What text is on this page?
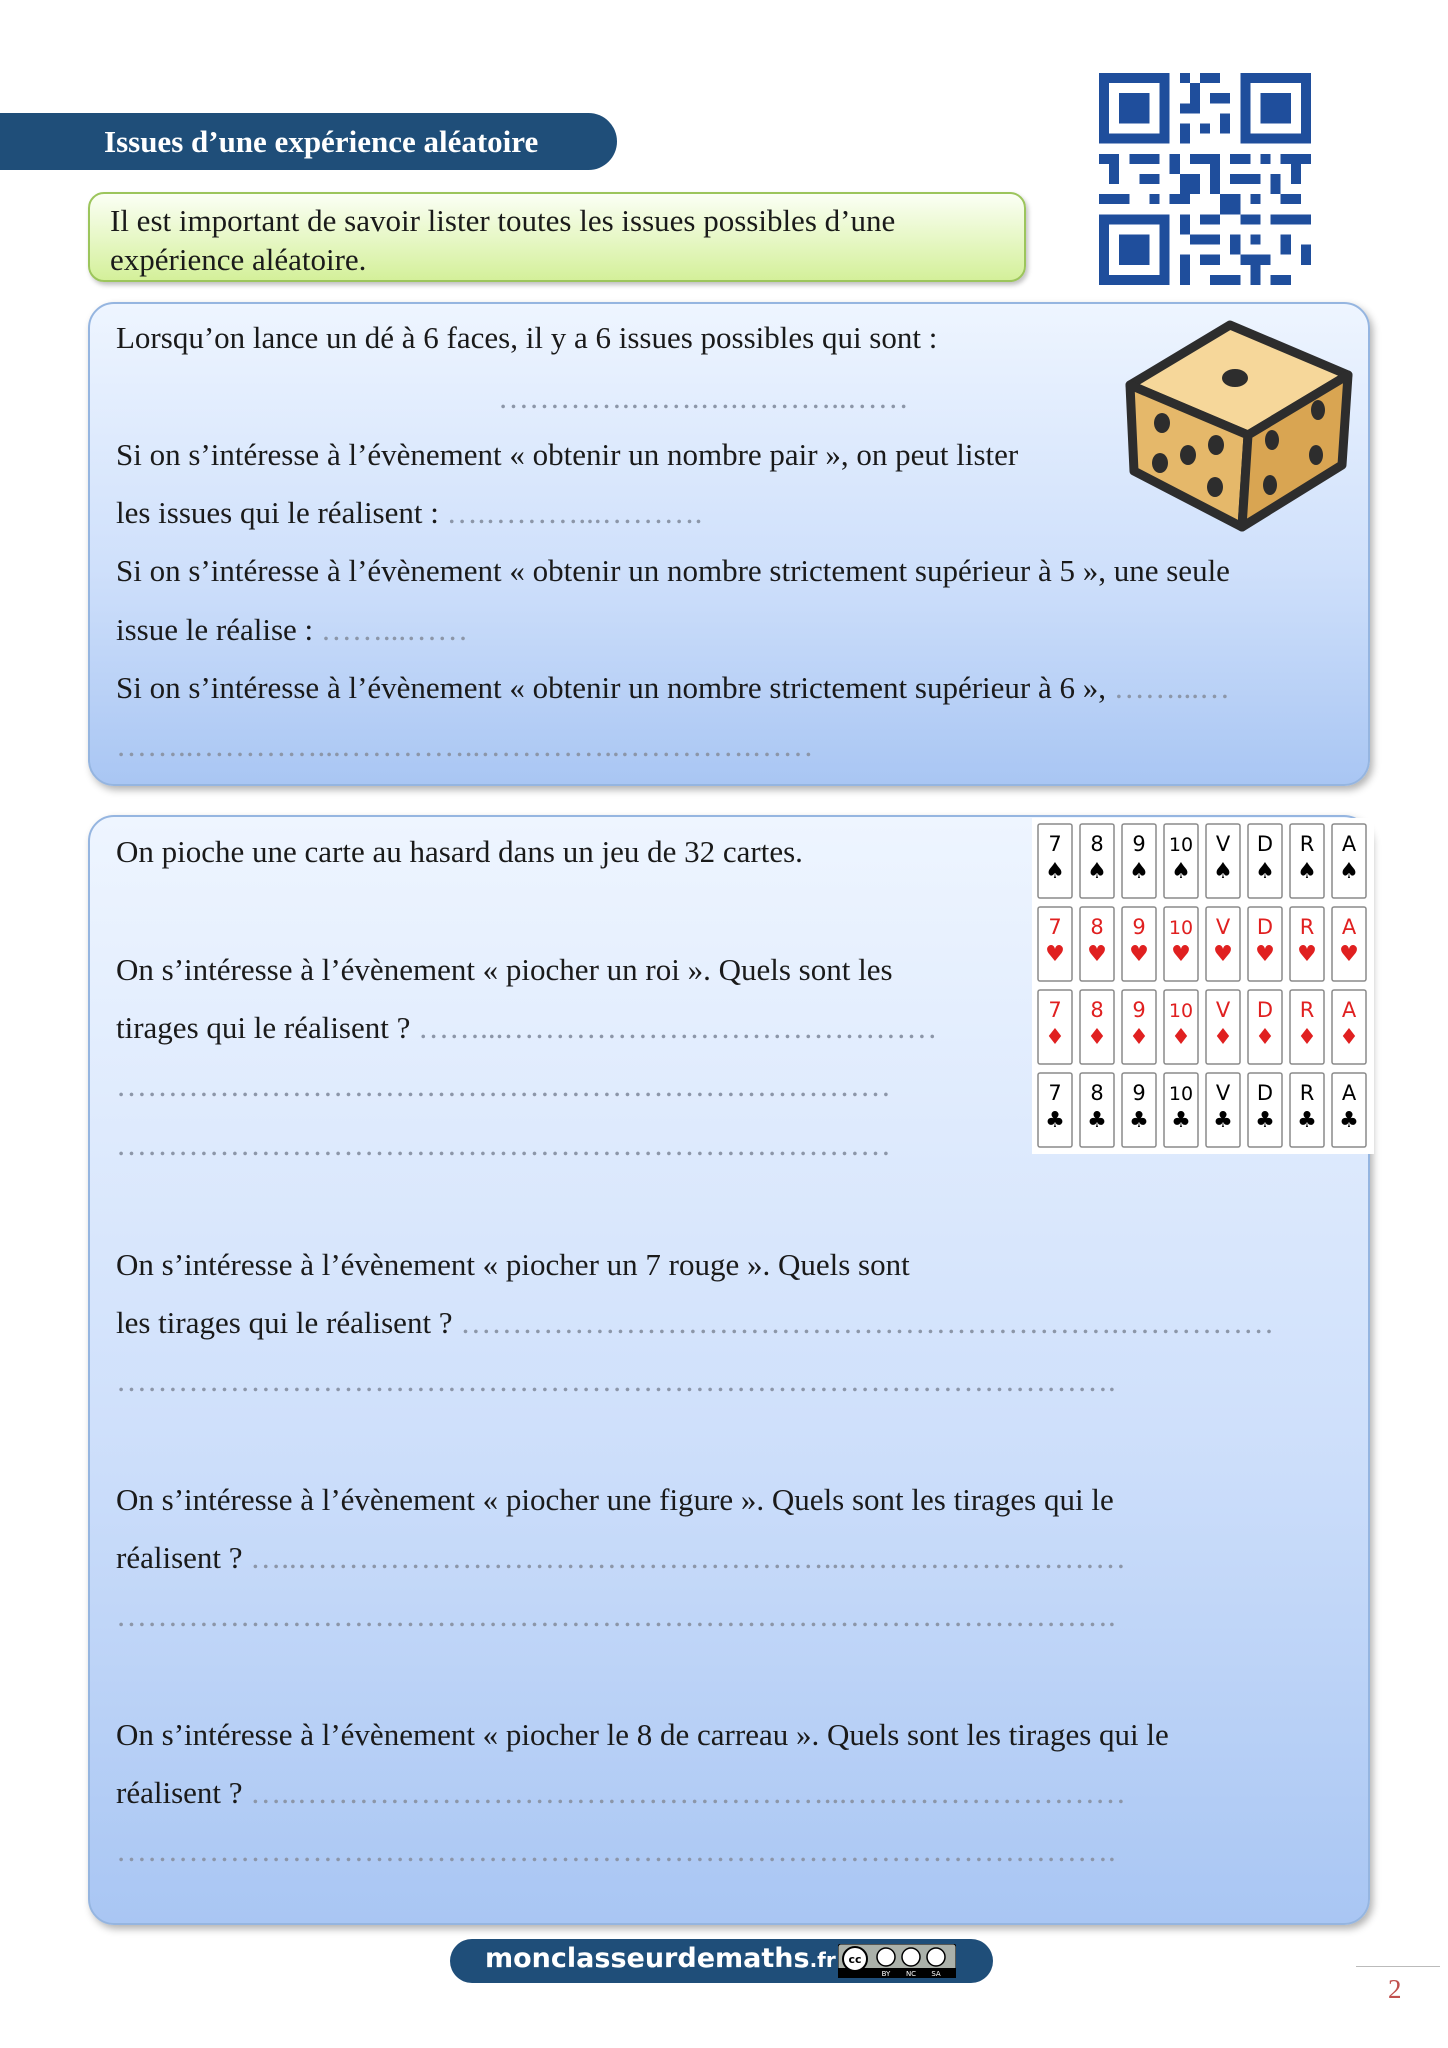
Issues d’une expérience aléatoire
Il est important de savoir lister toutes les issues possibles d’une
expérience aléatoire.
Lorsqu’on lance un dé à 6 faces, il y a 6 issues possibles qui sont :
………….…….….………..……
Si on s’intéresse à l’évènement « obtenir un nombre pair », on peut lister
les issues qui le réalisent : ….………...……….
Si on s’intéresse à l’évènement « obtenir un nombre strictement supérieur à 5 », une seule
issue le réalise : ……...……
Si on s’intéresse à l’évènement « obtenir un nombre strictement supérieur à 6 », ……...…
……..…………...…………..…………..………….……
On pioche une carte au hasard dans un jeu de 32 cartes.
On s’intéresse à l’évènement « piocher un roi ». Quels sont les
tirages qui le réalisent ? ……...……………………………………
…………………………………………………………………
…………………………………………………………………
On s’intéresse à l’évènement « piocher un 7 rouge ». Quels sont
les tirages qui le réalisent ? ……………………………………………………….……………
…………………………………………………………………………………….
On s’intéresse à l’évènement « piocher une figure ». Quels sont les tirages qui le
réalisent ? …..……………………………………………...………………………
…………………………………………………………………………………….
On s’intéresse à l’évènement « piocher le 8 de carreau ». Quels sont les tirages qui le
réalisent ? …..……………………………………………...………………………
…………………………………………………………………………………….
7
♠
8
♠
9
♠
10
♠
V
♠
D
♠
R
♠
A
♠
7
♥
8
♥
9
♥
10
♥
V
♥
D
♥
R
♥
A
♥
7
♦
8
♦
9
♦
10
♦
V
♦
D
♦
R
♦
A
♦
7
♣
8
♣
9
♣
10
♣
V
♣
D
♣
R
♣
A
♣
monclasseurdemaths.fr cc
BY NC SA	2
